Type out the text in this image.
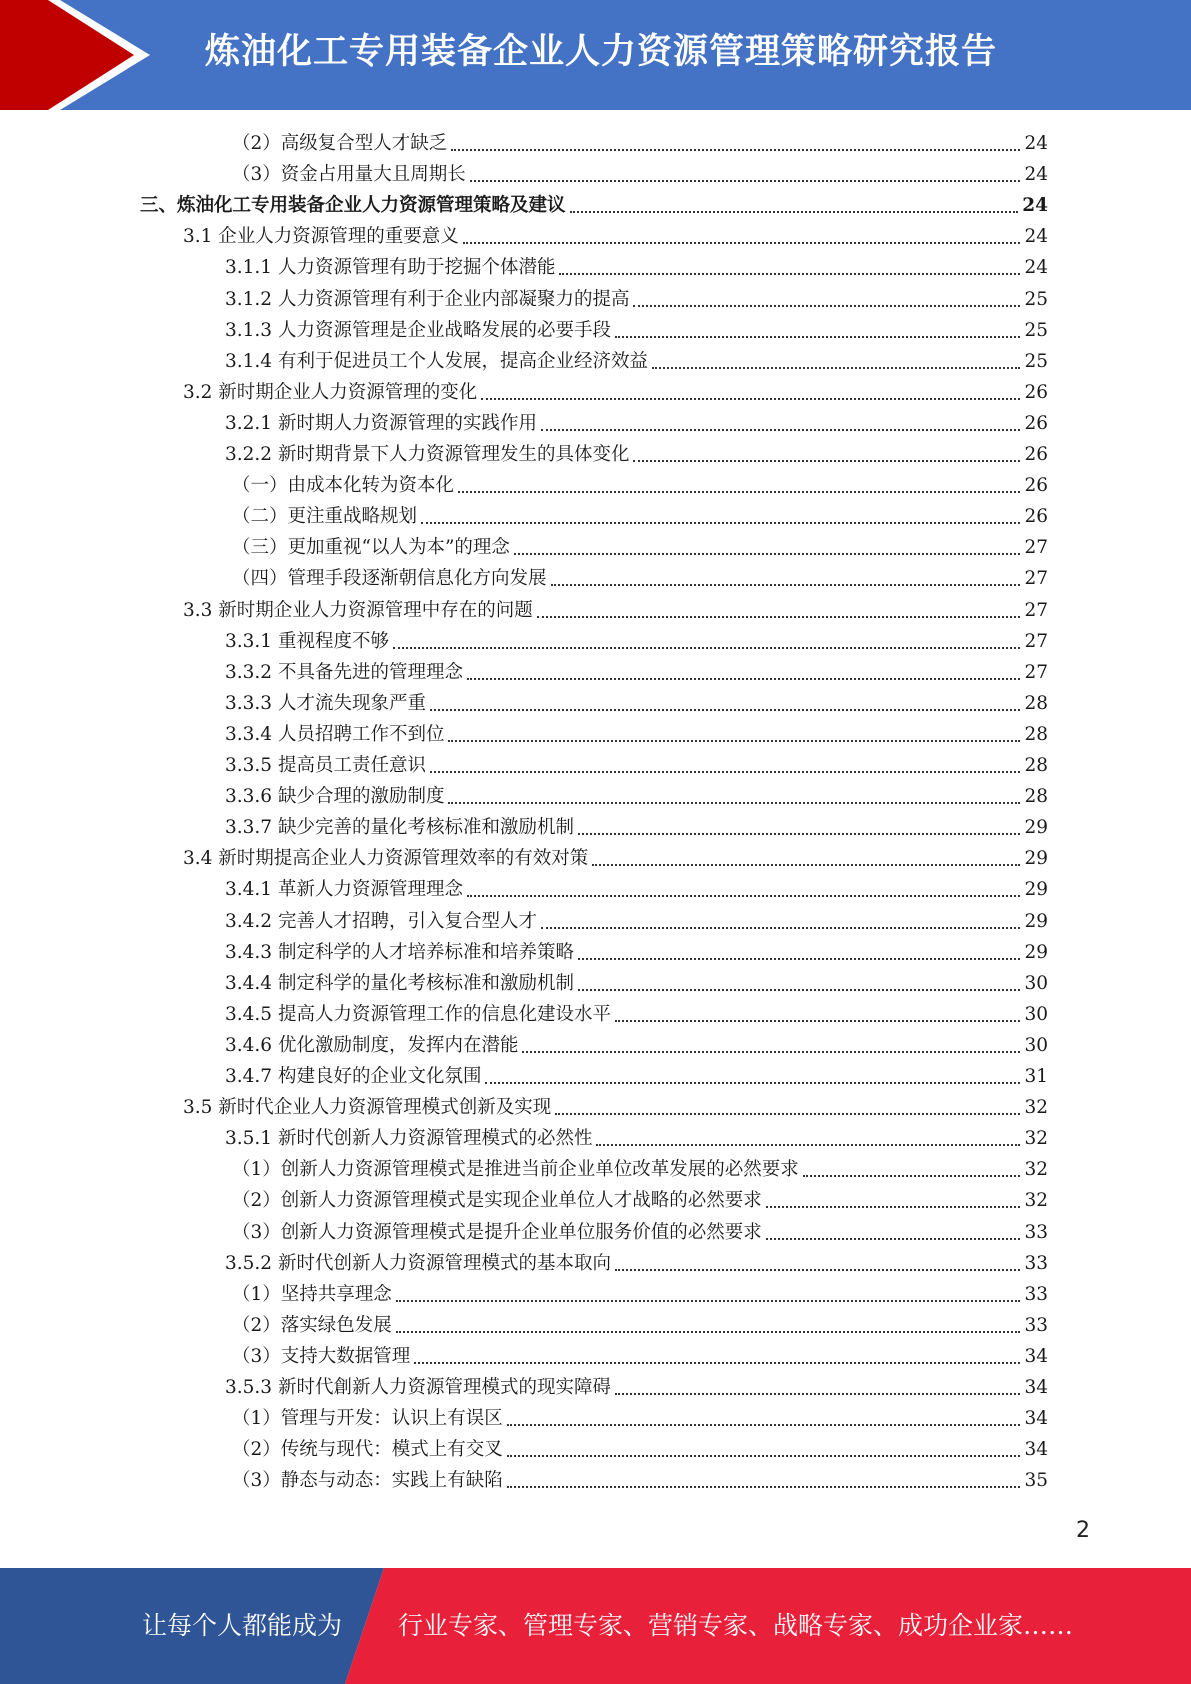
炼油化工专用装备企业人力资源管理策略研究报告
（2）高级复合型人才缺乏	24
（3）资金占用量大且周期长	24
三、炼油化工专用装备企业人力资源管理策略及建议	24
3.1 企业人力资源管理的重要意义	24
3.1.1 人力资源管理有助于挖掘个体潜能	24
3.1.2 人力资源管理有利于企业内部凝聚力的提高	25
3.1.3 人力资源管理是企业战略发展的必要手段	25
3.1.4 有利于促进员工个人发展，提高企业经济效益	25
3.2 新时期企业人力资源管理的变化	26
3.2.1 新时期人力资源管理的实践作用	26
3.2.2 新时期背景下人力资源管理发生的具体变化	26
（一）由成本化转为资本化	26
（二）更注重战略规划	26
（三）更加重视“以人为本”的理念	27
（四）管理手段逐渐朝信息化方向发展	27
3.3 新时期企业人力资源管理中存在的问题	27
3.3.1 重视程度不够	27
3.3.2 不具备先进的管理理念	27
3.3.3 人才流失现象严重	28
3.3.4 人员招聘工作不到位	28
3.3.5 提高员工责任意识	28
3.3.6 缺少合理的激励制度	28
3.3.7 缺少完善的量化考核标准和激励机制	29
3.4 新时期提高企业人力资源管理效率的有效对策	29
3.4.1 革新人力资源管理理念	29
3.4.2 完善人才招聘，引入复合型人才	29
3.4.3 制定科学的人才培养标准和培养策略	29
3.4.4 制定科学的量化考核标准和激励机制	30
3.4.5 提高人力资源管理工作的信息化建设水平	30
3.4.6 优化激励制度，发挥内在潜能	30
3.4.7 构建良好的企业文化氛围	31
3.5 新时代企业人力资源管理模式创新及实现	32
3.5.1 新时代创新人力资源管理模式的必然性	32
（1）创新人力资源管理模式是推进当前企业单位改革发展的必然要求	32
（2）创新人力资源管理模式是实现企业单位人才战略的必然要求	32
（3）创新人力资源管理模式是提升企业单位服务价值的必然要求	33
3.5.2 新时代创新人力资源管理模式的基本取向	33
（1）坚持共享理念	33
（2）落实绿色发展	33
（3）支持大数据管理	34
3.5.3 新时代創新人力资源管理模式的现实障碍	34
（1）管理与开发：认识上有误区	34
（2）传统与现代：模式上有交叉	34
（3）静态与动态：实践上有缺陷	35
2
让每个人都能成为 行业专家、管理专家、营销专家、战略专家、成功企业家……
